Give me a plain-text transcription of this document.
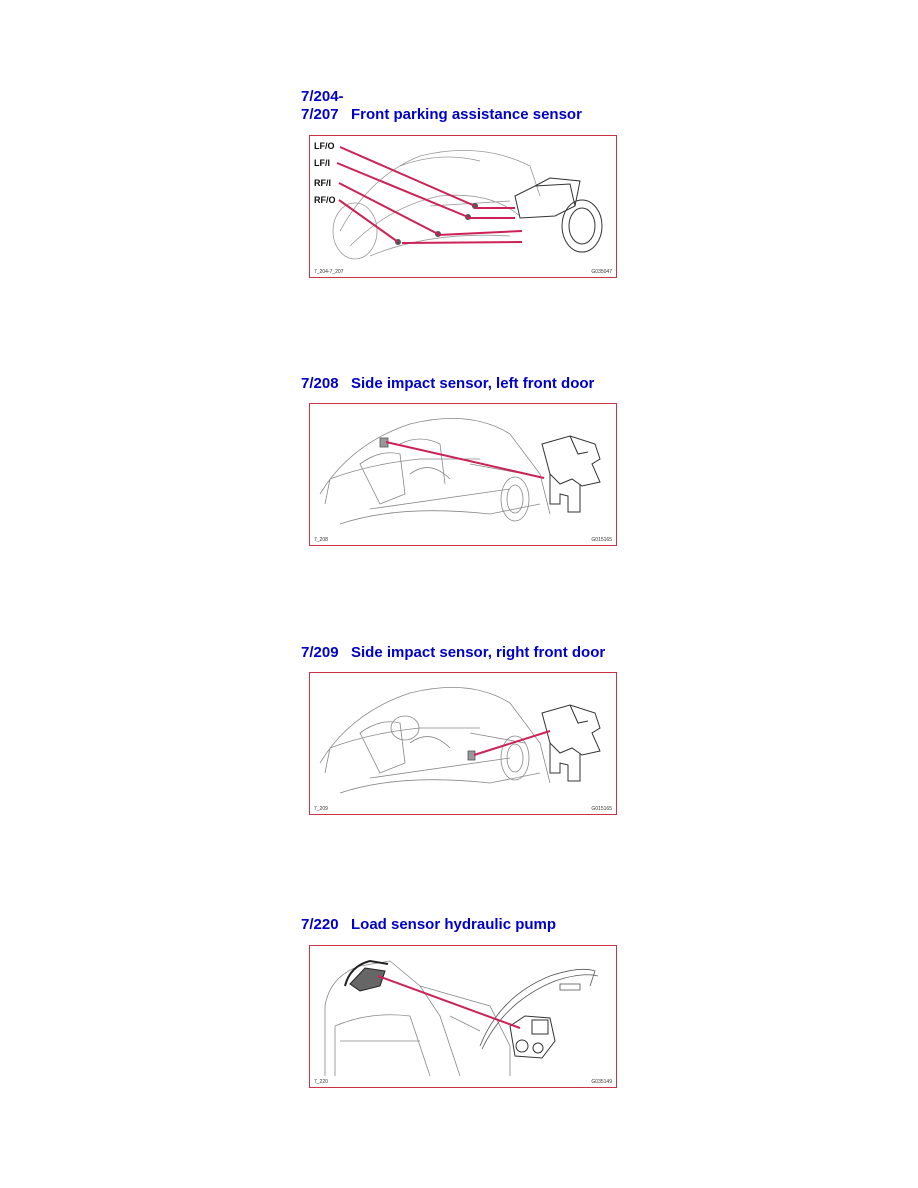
7/204-
7/207 Front parking assistance sensor
LF/O
LF/I
RF/I
RF/O
7_204-7_207	G035047
7/208 Side impact sensor, left front door
7_208	G015165
7/209 Side impact sensor, right front door
7_209	G015165
7/220 Load sensor hydraulic pump
7_220	G035149
